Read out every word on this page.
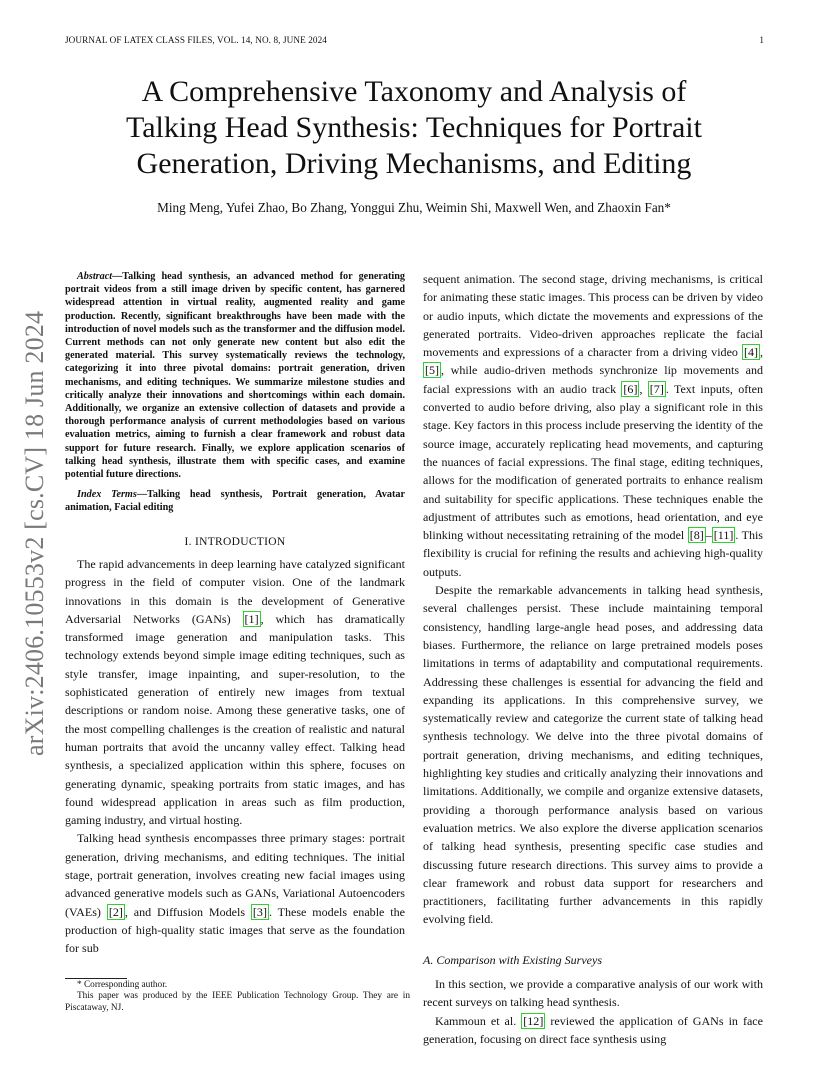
JOURNAL OF LATEX CLASS FILES, VOL. 14, NO. 8, JUNE 2024	1
arXiv:2406.10553v2 [cs.CV] 18 Jun 2024
A Comprehensive Taxonomy and Analysis of
Talking Head Synthesis: Techniques for Portrait
Generation, Driving Mechanisms, and Editing
Ming Meng, Yufei Zhao, Bo Zhang, Yonggui Zhu, Weimin Shi, Maxwell Wen, and Zhaoxin Fan*

Abstract—Talking head synthesis, an advanced method for generating portrait videos from a still image driven by specific content, has garnered widespread attention in virtual reality, augmented reality and game production. Recently, significant breakthroughs have been made with the introduction of novel models such as the transformer and the diffusion model. Current methods can not only generate new content but also edit the generated material. This survey systematically reviews the technology, categorizing it into three pivotal domains: portrait generation, driven mechanisms, and editing techniques. We summarize milestone studies and critically analyze their innovations and shortcomings within each domain. Additionally, we organize an extensive collection of datasets and provide a thorough performance analysis of current methodologies based on various evaluation metrics, aiming to furnish a clear framework and robust data support for future research. Finally, we explore application scenarios of talking head synthesis, illustrate them with specific cases, and examine potential future directions.

Index Terms—Talking head synthesis, Portrait generation, Avatar animation, Facial editing

I. INTRODUCTION

The rapid advancements in deep learning have catalyzed significant progress in the field of computer vision. One of the landmark innovations in this domain is the development of Generative Adversarial Networks (GANs) [1] , which has dramatically transformed image generation and manipulation tasks. This technology extends beyond simple image editing techniques, such as style transfer, image inpainting, and super-resolution, to the sophisticated generation of entirely new images from textual descriptions or random noise. Among these generative tasks, one of the most compelling challenges is the creation of realistic and natural human portraits that avoid the uncanny valley effect. Talking head synthesis, a specialized application within this sphere, focuses on generating dynamic, speaking portraits from static images, and has found widespread application in areas such as film production, gaming industry, and virtual hosting.

Talking head synthesis encompasses three primary stages: portrait generation, driving mechanisms, and editing techniques. The initial stage, portrait generation, involves creating new facial images using advanced generative models such as GANs, Variational Autoencoders (VAEs) [2] , and Diffusion Models [3] . These models enable the production of high-quality static images that serve as the foundation for sub

sequent animation. The second stage, driving mechanisms, is critical for animating these static images. This process can be driven by video or audio inputs, which dictate the movements and expressions of the generated portraits. Video-driven approaches replicate the facial movements and expressions of a character from a driving video [4] , [5] , while audio-driven methods synchronize lip movements and facial expressions with an audio track [6] , [7] . Text inputs, often converted to audio before driving, also play a significant role in this stage. Key factors in this process include preserving the identity of the source image, accurately replicating head movements, and capturing the nuances of facial expressions. The final stage, editing techniques, allows for the modification of generated portraits to enhance realism and suitability for specific applications. These techniques enable the adjustment of attributes such as emotions, head orientation, and eye blinking without necessitating retraining of the model [8] – [11] . This flexibility is crucial for refining the results and achieving high-quality outputs.

Despite the remarkable advancements in talking head synthesis, several challenges persist. These include maintaining temporal consistency, handling large-angle head poses, and addressing data biases. Furthermore, the reliance on large pretrained models poses limitations in terms of adaptability and computational requirements. Addressing these challenges is essential for advancing the field and expanding its applications. In this comprehensive survey, we systematically review and categorize the current state of talking head synthesis technology. We delve into the three pivotal domains of portrait generation, driving mechanisms, and editing techniques, highlighting key studies and critically analyzing their innovations and limitations. Additionally, we compile and organize extensive datasets, providing a thorough performance analysis based on various evaluation metrics. We also explore the diverse application scenarios of talking head synthesis, presenting specific case studies and discussing future research directions. This survey aims to provide a clear framework and robust data support for researchers and practitioners, facilitating further advancements in this rapidly evolving field.

A. Comparison with Existing Surveys

In this section, we provide a comparative analysis of our work with recent surveys on talking head synthesis.

Kammoun et al. [12] reviewed the application of GANs in face generation, focusing on direct face synthesis using

* Corresponding author.

This paper was produced by the IEEE Publication Technology Group. They are in Piscataway, NJ.
